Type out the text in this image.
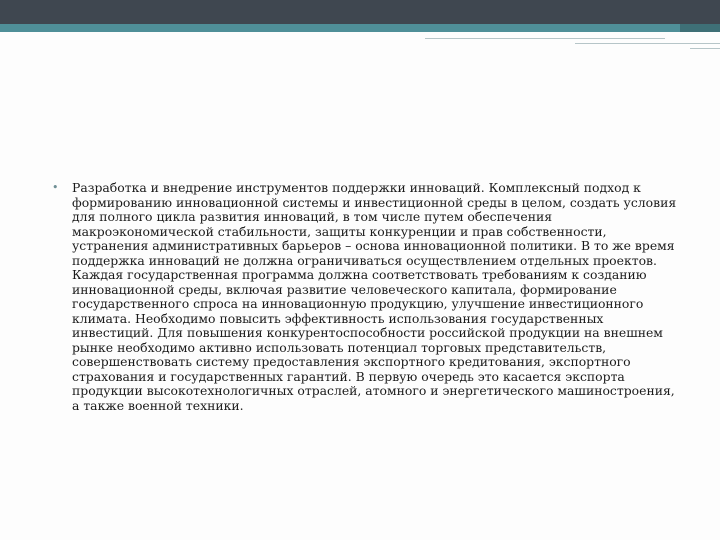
•	Разработка и внедрение инструментов поддержки инноваций. Комплексный подход к формированию инновационной системы и инвестиционной среды в целом, создать условия для полного цикла развития инноваций, в том числе путем обеспечения макроэкономической стабильности, защиты конкуренции и прав собственности, устранения административных барьеров – основа инновационной политики. В то же время поддержка инноваций не должна ограничиваться осуществлением отдельных проектов. Каждая государственная программа должна соответствовать требованиям к созданию инновационной среды, включая развитие человеческого капитала, формирование государственного спроса на инновационную продукцию, улучшение инвестиционного климата. Необходимо повысить эффективность использования государственных инвестиций. Для повышения конкурентоспособности российской продукции на внешнем рынке необходимо активно использовать потенциал торговых представительств, совершенствовать систему предоставления экспортного кредитования, экспортного страхования и государственных гарантий. В первую очередь это касается экспорта продукции высокотехнологичных отраслей, атомного и энергетического машиностроения, а также военной техники.
